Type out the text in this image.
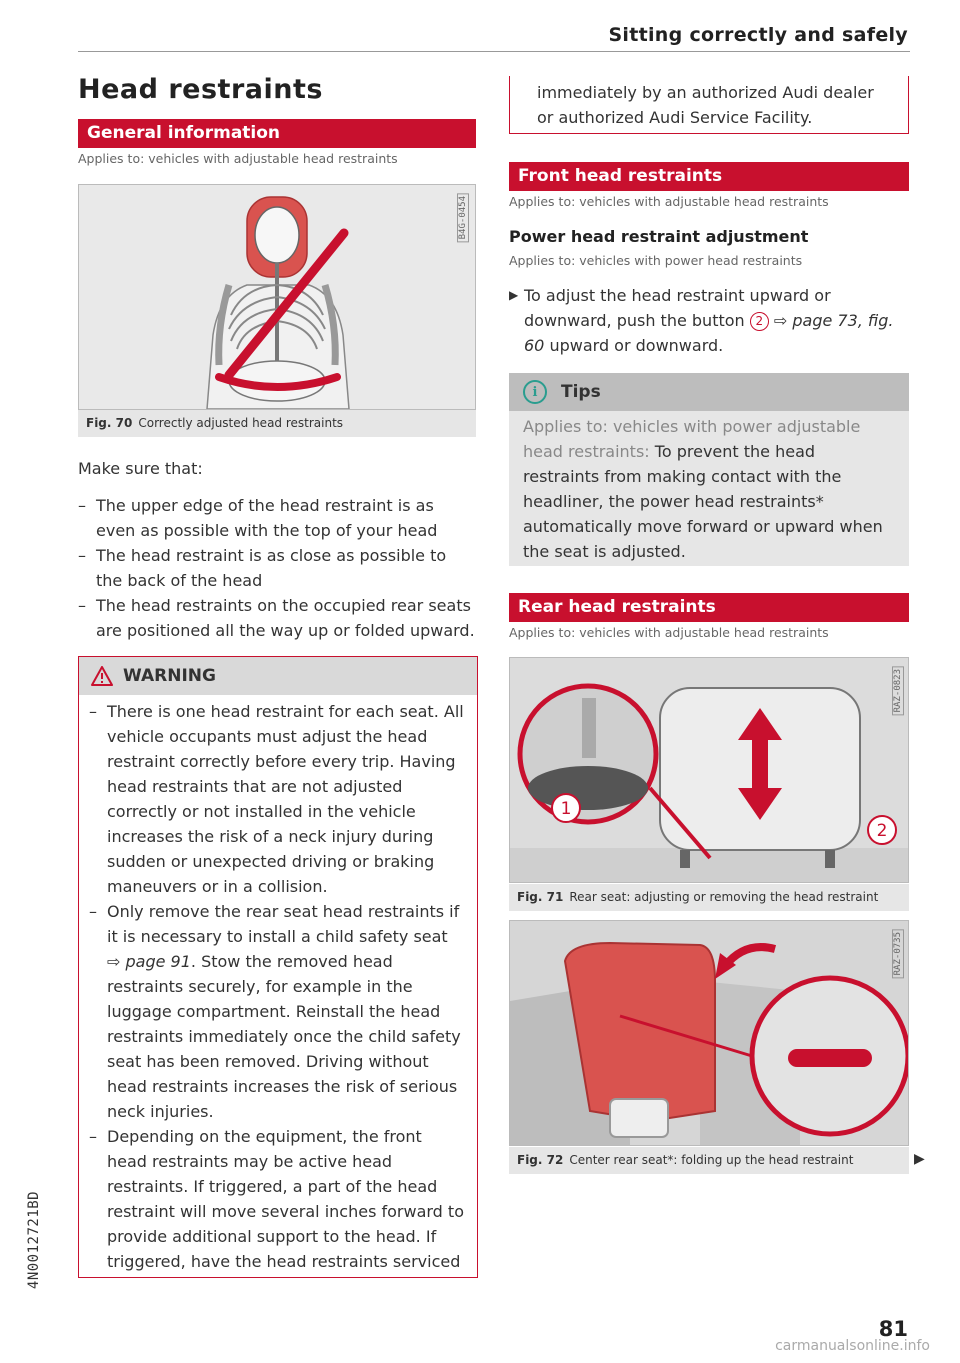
Sitting correctly and safely
Head restraints
General information
Applies to: vehicles with adjustable head restraints
B4G-0454
Fig. 70 Correctly adjusted head restraints
Make sure that:
– The upper edge of the head restraint is as even as possible with the top of your head
– The head restraint is as close as possible to the back of the head
– The head restraints on the occupied rear seats are positioned all the way up or folded upward.
WARNING
– There is one head restraint for each seat. All vehicle occupants must adjust the head restraint correctly before every trip. Having head restraints that are not adjusted correctly or not installed in the vehicle increases the risk of a neck injury during sudden or unexpected driving or braking maneuvers or in a collision.
– Only remove the rear seat head restraints if it is necessary to install a child safety seat ⇨ page 91. Stow the removed head restraints securely, for example in the luggage compartment. Reinstall the head restraints immediately once the child safety seat has been removed. Driving without head restraints increases the risk of serious neck injuries.
– Depending on the equipment, the front head restraints may be active head restraints. If triggered, a part of the head restraint will move several inches forward to provide additional support to the head. If triggered, have the head restraints serviced
immediately by an authorized Audi dealer or authorized Audi Service Facility.
Front head restraints
Applies to: vehicles with adjustable head restraints
Power head restraint adjustment
Applies to: vehicles with power head restraints
▶ To adjust the head restraint upward or downward, push the button 2 ⇨ page 73, fig. 60 upward or downward.
i	Tips
Applies to: vehicles with power adjustable head restraints: To prevent the head restraints from making contact with the headliner, the power head restraints* automatically move forward or upward when the seat is adjusted.
Rear head restraints
Applies to: vehicles with adjustable head restraints
1
2
RAZ-0823
Fig. 71 Rear seat: adjusting or removing the head restraint
RAZ-0735
Fig. 72 Center rear seat*: folding up the head restraint	▶
4N0012721BD
81
carmanualsonline.info
